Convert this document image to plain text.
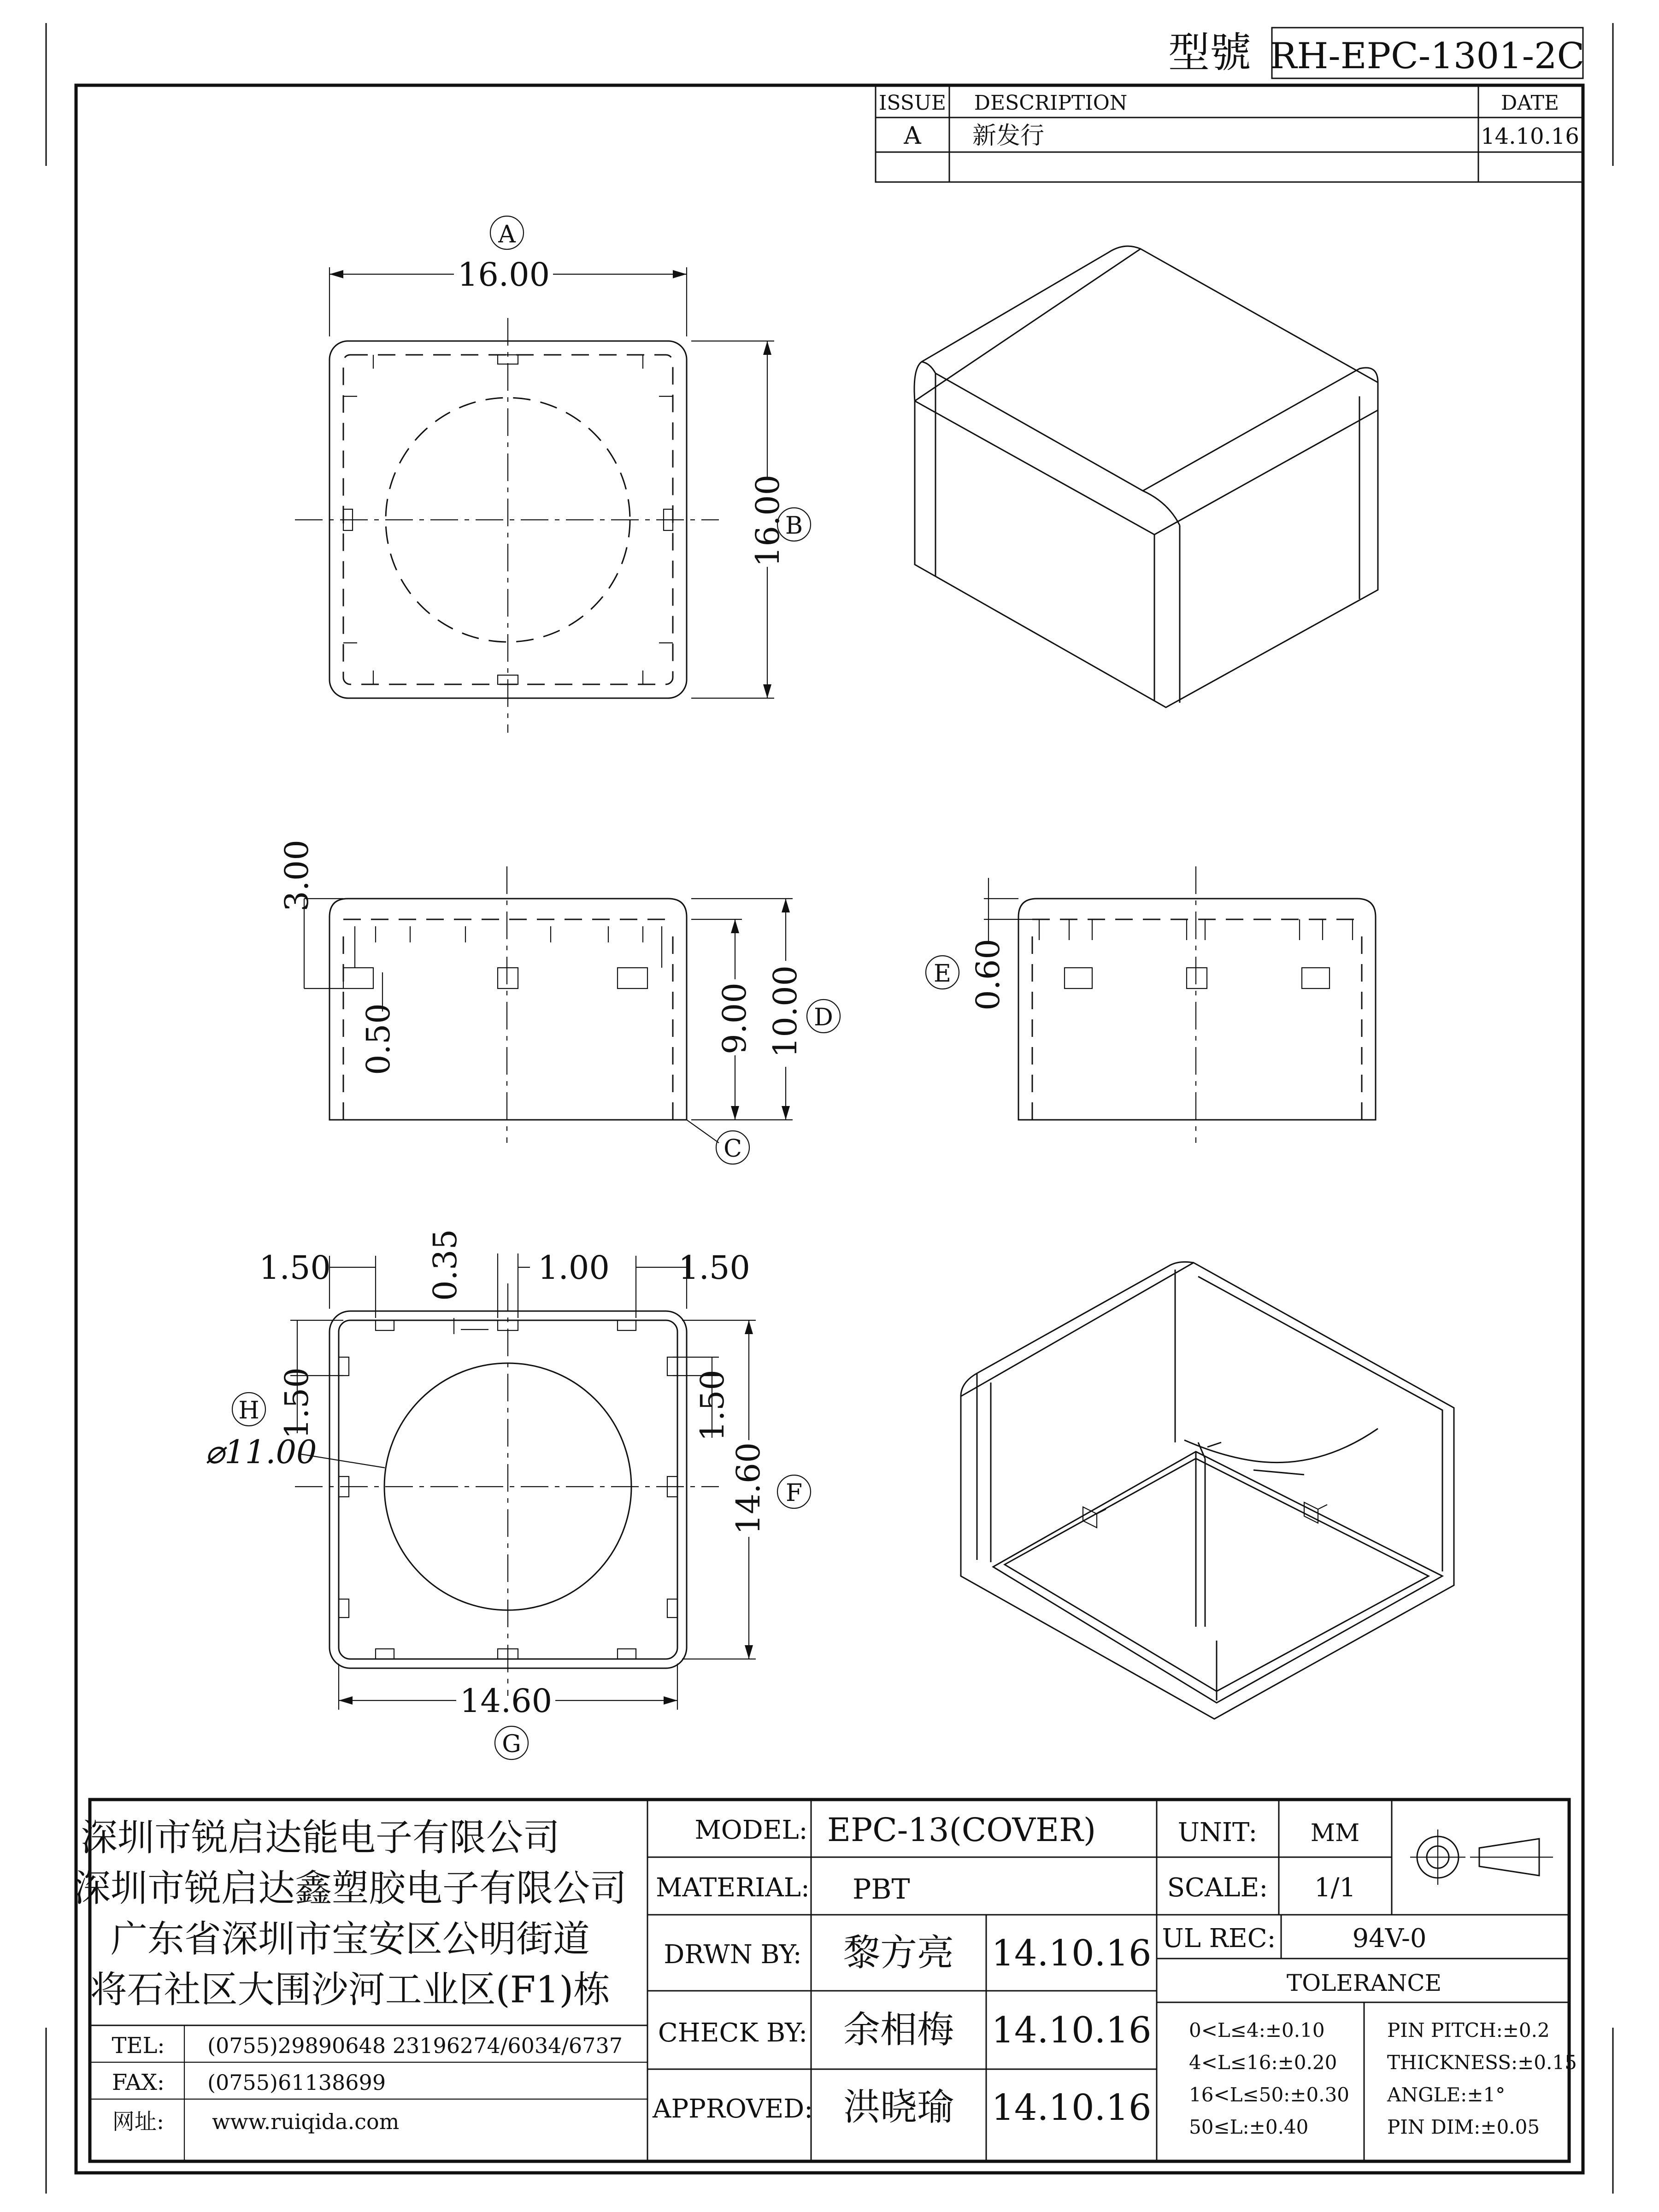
型號 RH-EPC-1301-2C
ISSUE DESCRIPTION	DATE
A 新发行	14.10.16
16.00
A
16.00
B
3.00
0.50	9.00 10.00 D
C
0.60
E
1.50	0.35 1.00 1.50
1.50	1.50
H
⌀11.00	14.60 F
14.60
G
深圳市锐启达能电子有限公司
深圳市锐启达鑫塑胶电子有限公司
广东省深圳市宝安区公明街道
将石社区大围沙河工业区(F1)栋
TEL: (0755)29890648 23196274/6034/6737
FAX: (0755)61138699
网址: www.ruiqida.com
MODEL: EPC-13(COVER)
MATERIAL: PBT
DRWN BY: 黎方亮 14.10.16
CHECK BY: 余相梅 14.10.16
APPROVED: 洪晓瑜 14.10.16
UNIT: MM
SCALE: 1/1
UL REC:	94V-0
TOLERANCE
0<L≤4:±0.10
4<L≤16:±0.20
16<L≤50:±0.30
50≤L:±0.40
PIN PITCH:±0.2
THICKNESS:±0.15
ANGLE:±1°
PIN DIM:±0.05
